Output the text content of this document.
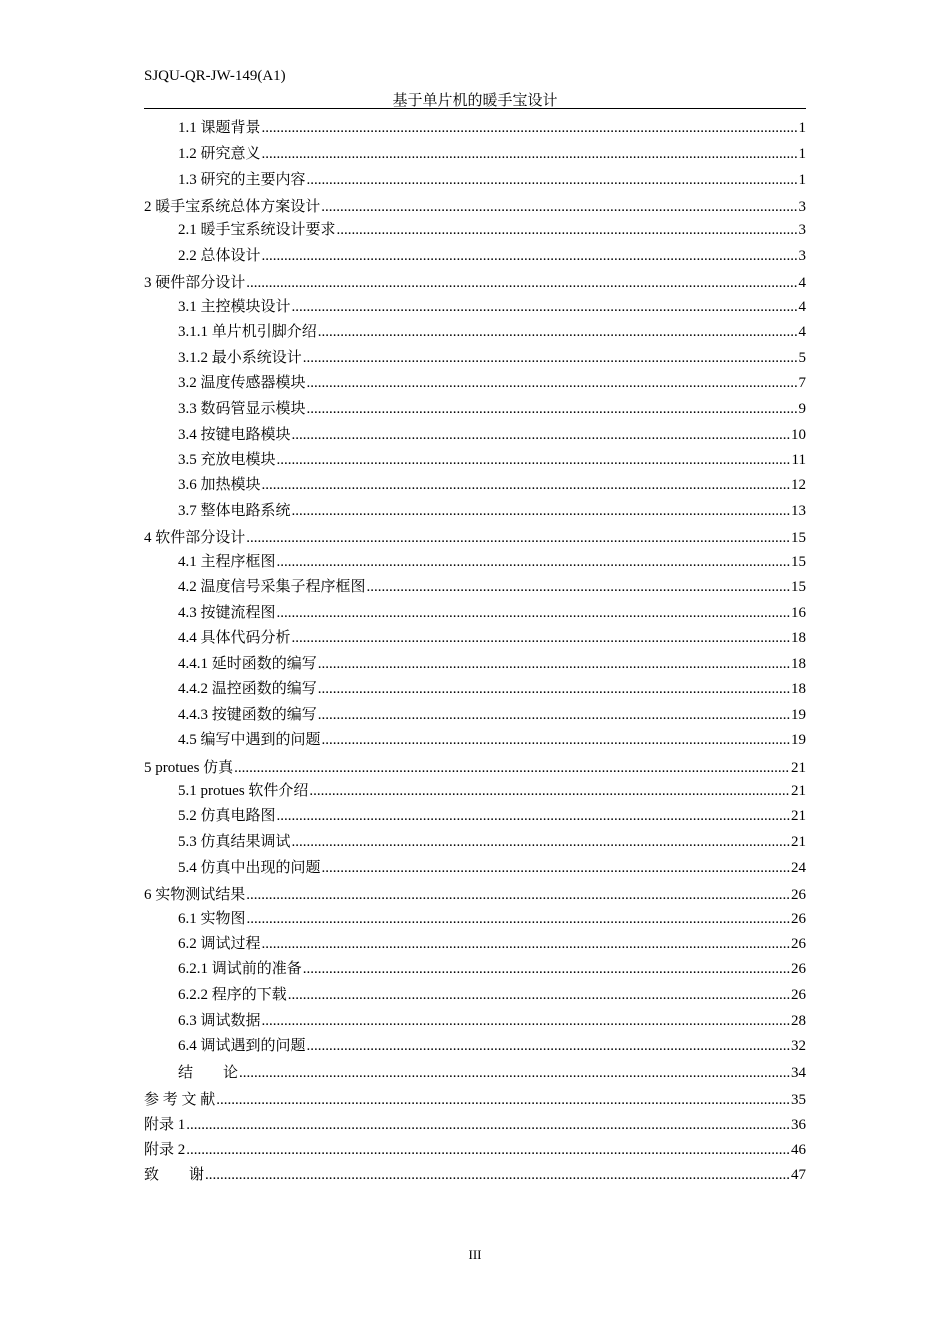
SJQU-QR-JW-149(A1)
基于单片机的暖手宝设计
1.1 课题背景 .....	1
1.2 研究意义 .....	1
1.3 研究的主要内容 .....	1
2 暖手宝系统总体方案设计 .....	3
2.1 暖手宝系统设计要求 .....	3
2.2 总体设计 .....	3
3 硬件部分设计 .....	4
3.1 主控模块设计 .....	4
3.1.1 单片机引脚介绍 .....	4
3.1.2 最小系统设计 .....	5
3.2 温度传感器模块 .....	7
3.3 数码管显示模块 .....	9
3.4 按键电路模块 .....	10
3.5 充放电模块 .....	11
3.6 加热模块 .....	12
3.7 整体电路系统 .....	13
4 软件部分设计 .....	15
4.1 主程序框图 .....	15
4.2 温度信号采集子程序框图 .....	15
4.3 按键流程图 .....	16
4.4 具体代码分析 .....	18
4.4.1 延时函数的编写 .....	18
4.4.2 温控函数的编写 .....	18
4.4.3 按键函数的编写 .....	19
4.5 编写中遇到的问题 .....	19
5 protues 仿真 .....	21
5.1 protues 软件介绍 .....	21
5.2 仿真电路图 .....	21
5.3 仿真结果调试 .....	21
5.4 仿真中出现的问题 .....	24
6 实物测试结果 .....	26
6.1 实物图 .....	26
6.2 调试过程 .....	26
6.2.1 调试前的准备 .....	26
6.2.2 程序的下载 .....	26
6.3 调试数据 .....	28
6.4 调试遇到的问题 .....	32
结　　论 .....	34
参 考 文 献 .....	35
附录 1 .....	36
附录 2 .....	46
致　　谢 .....	47
III
